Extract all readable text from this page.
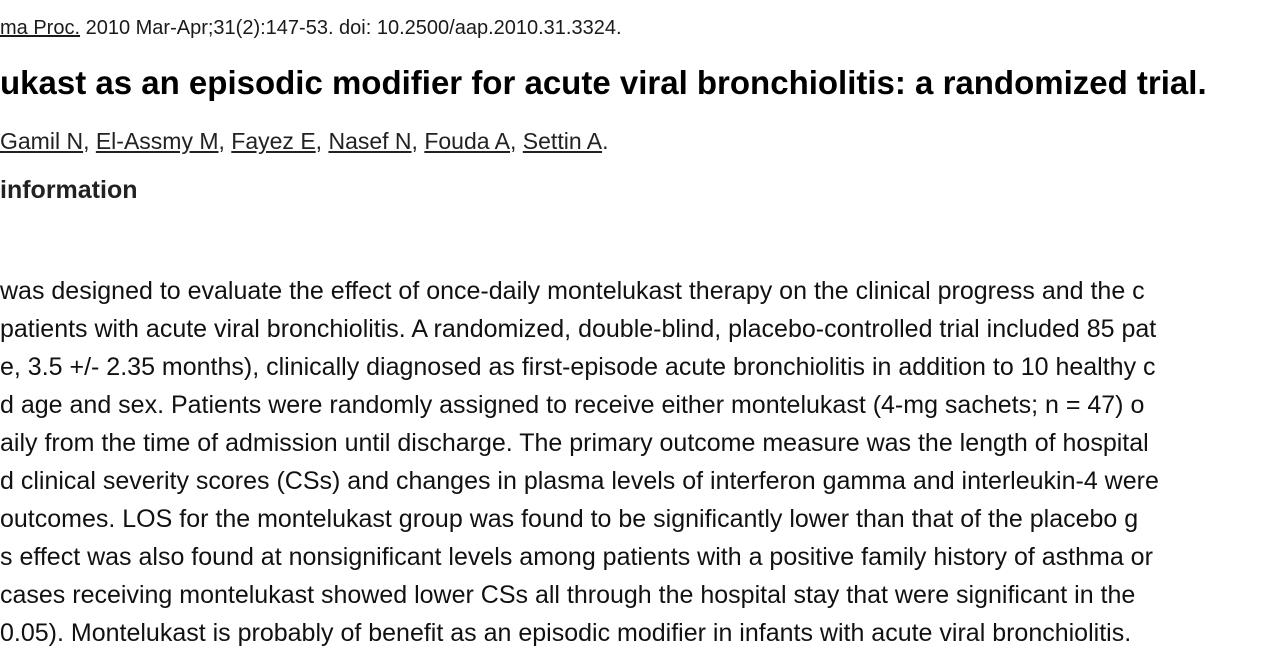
ma Proc. 2010 Mar-Apr;31(2):147-53. doi: 10.2500/aap.2010.31.3324.
ukast as an episodic modifier for acute viral bronchiolitis: a randomized trial.
Gamil N, El-Assmy M, Fayez E, Nasef N, Fouda A, Settin A.
information

was designed to evaluate the effect of once-daily montelukast therapy on the clinical progress and the c

patients with acute viral bronchiolitis. A randomized, double-blind, placebo-controlled trial included 85 pat

e, 3.5 +/- 2.35 months), clinically diagnosed as first-episode acute bronchiolitis in addition to 10 healthy c

d age and sex. Patients were randomly assigned to receive either montelukast (4-mg sachets; n = 47) o

aily from the time of admission until discharge. The primary outcome measure was the length of hospital

d clinical severity scores (CSs) and changes in plasma levels of interferon gamma and interleukin-4 were

outcomes. LOS for the montelukast group was found to be significantly lower than that of the placebo g

s effect was also found at nonsignificant levels among patients with a positive family history of asthma or

cases receiving montelukast showed lower CSs all through the hospital stay that were significant in the

0.05). Montelukast is probably of benefit as an episodic modifier in infants with acute viral bronchiolitis.
